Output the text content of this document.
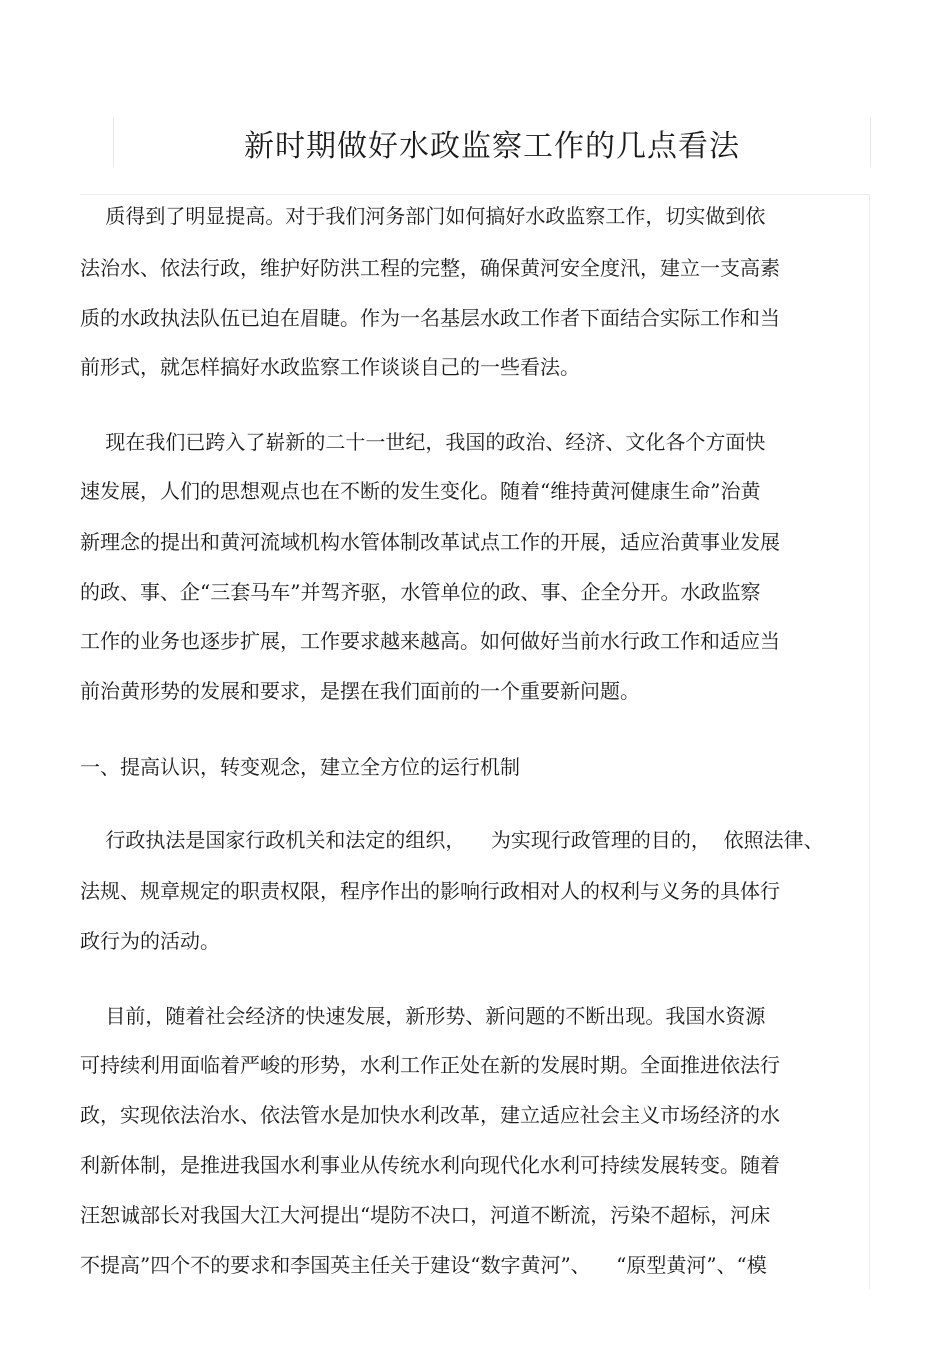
新时期做好水政监察工作的几点看法
质得到了明显提高。对于我们河务部门如何搞好水政监察工作，切实做到依
法治水、依法行政，维护好防洪工程的完整，确保黄河安全度汛，建立一支高素
质的水政执法队伍已迫在眉睫。作为一名基层水政工作者下面结合实际工作和当
前形式，就怎样搞好水政监察工作谈谈自己的一些看法。
现在我们已跨入了崭新的二十一世纪，我国的政治、经济、文化各个方面快
速发展，人们的思想观点也在不断的发生变化。随着“维持黄河健康生命”治黄
新理念的提出和黄河流域机构水管体制改革试点工作的开展，适应治黄事业发展
的政、事、企“三套马车”并驾齐驱，水管单位的政、事、企全分开。水政监察
工作的业务也逐步扩展，工作要求越来越高。如何做好当前水行政工作和适应当
前治黄形势的发展和要求，是摆在我们面前的一个重要新问题。
一、提高认识，转变观念，建立全方位的运行机制
行政执法是国家行政机关和法定的组织，    为实现行政管理的目的，  依照法律、
法规、规章规定的职责权限，程序作出的影响行政相对人的权利与义务的具体行
政行为的活动。
目前，随着社会经济的快速发展，新形势、新问题的不断出现。我国水资源
可持续利用面临着严峻的形势，水利工作正处在新的发展时期。全面推进依法行
政，实现依法治水、依法管水是加快水利改革，建立适应社会主义市场经济的水
利新体制，是推进我国水利事业从传统水利向现代化水利可持续发展转变。随着
汪恕诚部长对我国大江大河提出“堤防不决口，河道不断流，污染不超标，河床
不提高”四个不的要求和李国英主任关于建设“数字黄河”、    “原型黄河”、“模
